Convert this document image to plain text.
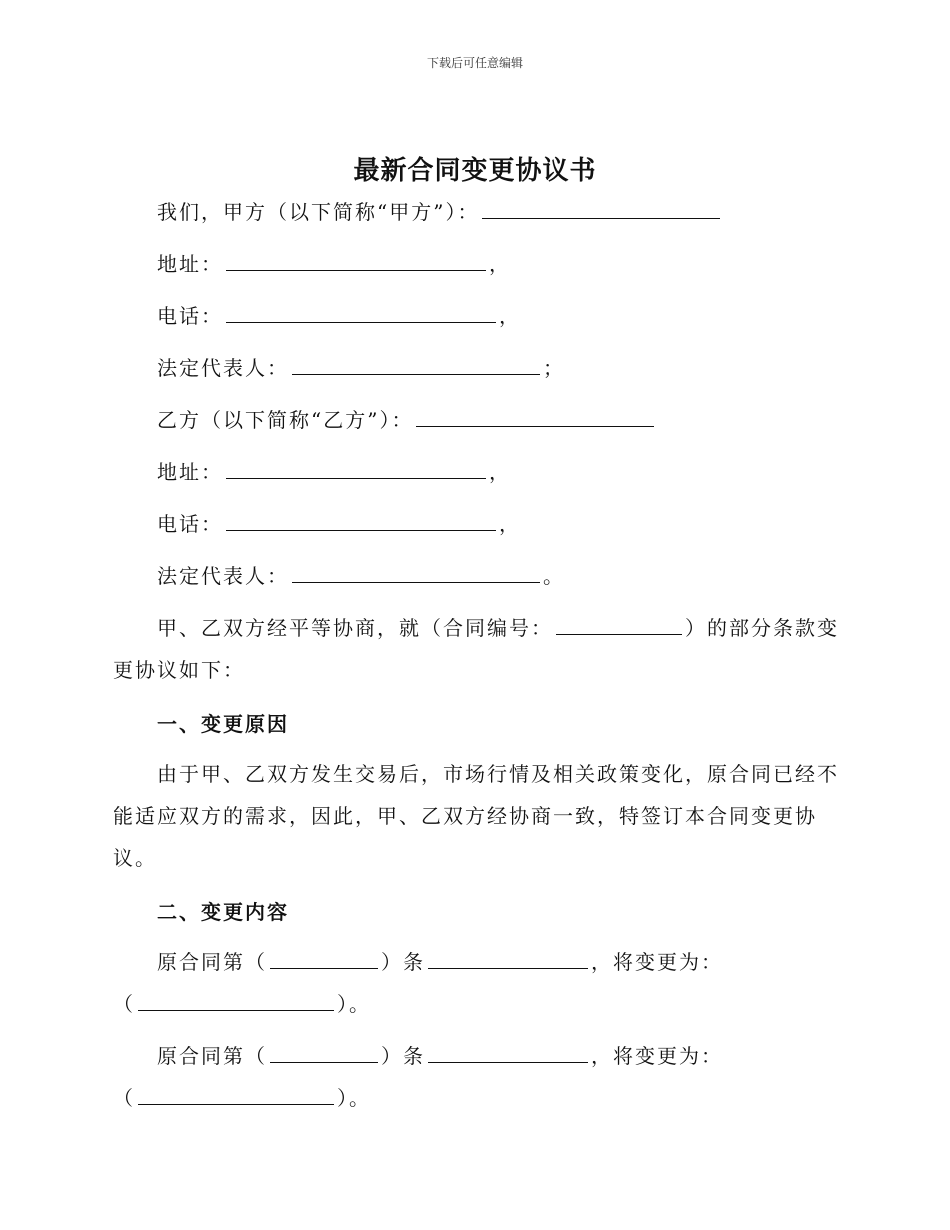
下载后可任意编辑
最新合同变更协议书
我们，甲方（以下简称“甲方”）：
地址：	，
电话：	，
法定代表人：	；
乙方（以下简称“乙方”）：
地址：	，
电话：	，
法定代表人：	。
甲、乙双方经平等协商，就（合同编号：	）的部分条款变
更协议如下：
一、变更原因
由于甲、乙双方发生交易后，市场行情及相关政策变化，原合同已经不
能适应双方的需求，因此，甲、乙双方经协商一致，特签订本合同变更协
议。
二、变更内容
原合同第（	）条	，将变更为：
（	）。
原合同第（	）条	，将变更为：
（	）。
